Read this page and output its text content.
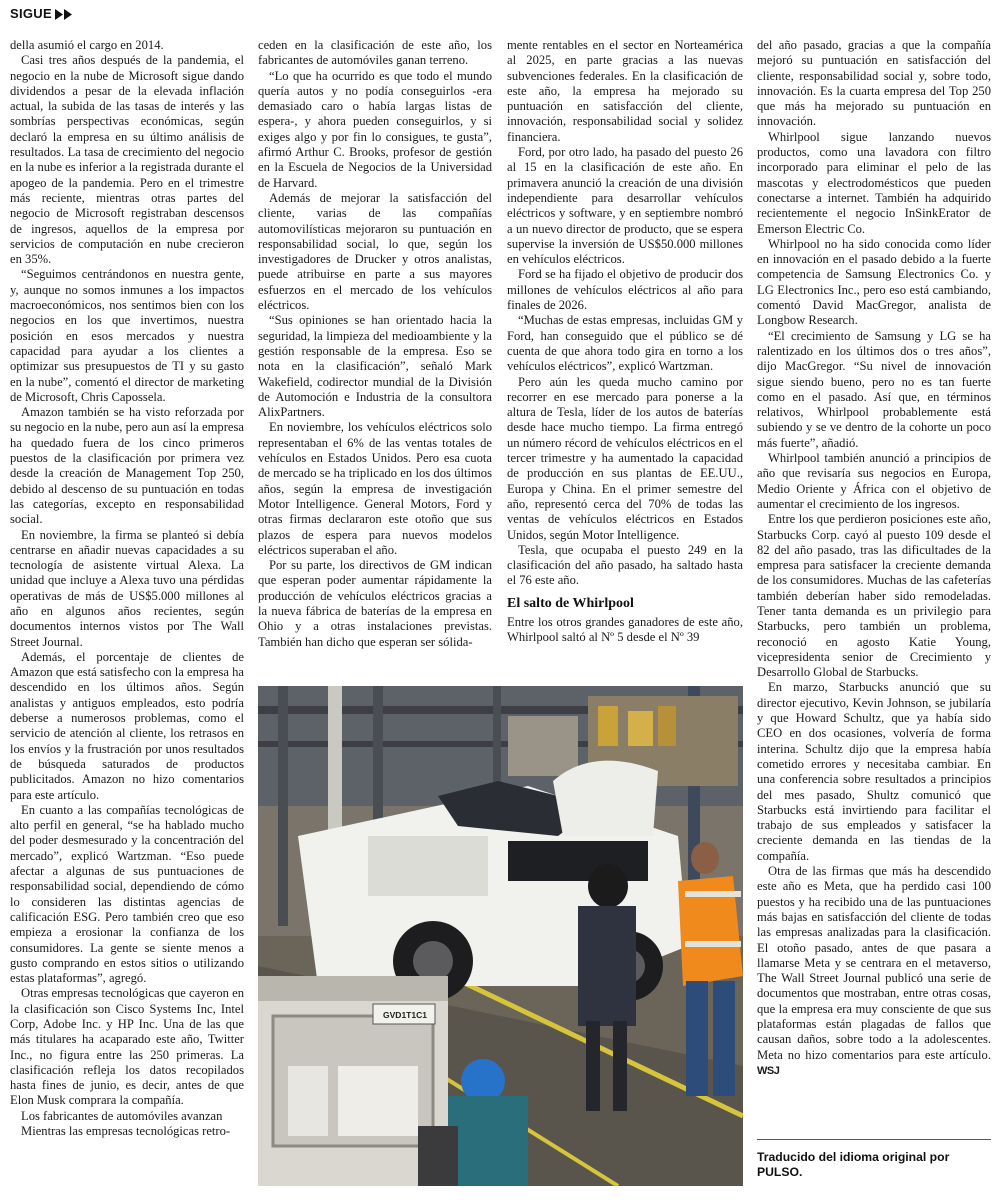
SIGUE

della asumió el cargo en 2014.

Casi tres años después de la pandemia, el negocio en la nube de Microsoft sigue dando dividendos a pesar de la elevada inflación actual, la subida de las tasas de interés y las sombrías perspectivas económicas, según declaró la empresa en su último análisis de resultados. La tasa de crecimiento del negocio en la nube es inferior a la registrada durante el apogeo de la pandemia. Pero en el trimestre más reciente, mientras otras partes del negocio de Microsoft registraban descensos de ingresos, aquellos de la empresa por servicios de computación en nube crecieron en 35%.

“Seguimos centrándonos en nuestra gente, y, aunque no somos inmunes a los impactos macroeconómicos, nos sentimos bien con los negocios en los que invertimos, nuestra posición en esos mercados y nuestra capacidad para ayudar a los clientes a optimizar sus presupuestos de TI y su gasto en la nube”, comentó el director de marketing de Microsoft, Chris Capossela.

Amazon también se ha visto reforzada por su negocio en la nube, pero aun así la empresa ha quedado fuera de los cinco primeros puestos de la clasificación por primera vez desde la creación de Management Top 250, debido al descenso de su puntuación en todas las categorías, excepto en responsabilidad social.

En noviembre, la firma se planteó si debía centrarse en añadir nuevas capacidades a su tecnología de asistente virtual Alexa. La unidad que incluye a Alexa tuvo una pérdidas operativas de más de US$5.000 millones al año en algunos años recientes, según documentos internos vistos por The Wall Street Journal.

Además, el porcentaje de clientes de Amazon que está satisfecho con la empresa ha descendido en los últimos años. Según analistas y antiguos empleados, esto podría deberse a numerosos problemas, como el servicio de atención al cliente, los retrasos en los envíos y la frustración por unos resultados de búsqueda saturados de productos publicitados. Amazon no hizo comentarios para este artículo.

En cuanto a las compañías tecnológicas de alto perfil en general, “se ha hablado mucho del poder desmesurado y la concentración del mercado”, explicó Wartzman. “Eso puede afectar a algunas de sus puntuaciones de responsabilidad social, dependiendo de cómo lo consideren las distintas agencias de calificación ESG. Pero también creo que eso empieza a erosionar la confianza de los consumidores. La gente se siente menos a gusto comprando en estos sitios o utilizando estas plataformas”, agregó.

Otras empresas tecnológicas que cayeron en la clasificación son Cisco Systems Inc, Intel Corp, Adobe Inc. y HP Inc. Una de las que más titulares ha acaparado este año, Twitter Inc., no figura entre las 250 primeras. La clasificación refleja los datos recopilados hasta fines de junio, es decir, antes de que Elon Musk comprara la compañía.

Los fabricantes de automóviles avanzan

Mientras las empresas tecnológicas retro-

ceden en la clasificación de este año, los fabricantes de automóviles ganan terreno.

“Lo que ha ocurrido es que todo el mundo quería autos y no podía conseguirlos -era demasiado caro o había largas listas de espera-, y ahora pueden conseguirlos, y si exiges algo y por fin lo consigues, te gusta”, afirmó Arthur C. Brooks, profesor de gestión en la Escuela de Negocios de la Universidad de Harvard.

Además de mejorar la satisfacción del cliente, varias de las compañías automovilísticas mejoraron su puntuación en responsabilidad social, lo que, según los investigadores de Drucker y otros analistas, puede atribuirse en parte a sus mayores esfuerzos en el mercado de los vehículos eléctricos.

“Sus opiniones se han orientado hacia la seguridad, la limpieza del medioambiente y la gestión responsable de la empresa. Eso se nota en la clasificación”, señaló Mark Wakefield, codirector mundial de la División de Automoción e Industria de la consultora AlixPartners.

En noviembre, los vehículos eléctricos solo representaban el 6% de las ventas totales de vehículos en Estados Unidos. Pero esa cuota de mercado se ha triplicado en los dos últimos años, según la empresa de investigación Motor Intelligence. General Motors, Ford y otras firmas declararon este otoño que sus plazos de espera para nuevos modelos eléctricos superaban el año.

Por su parte, los directivos de GM indican que esperan poder aumentar rápidamente la producción de vehículos eléctricos gracias a la nueva fábrica de baterías de la empresa en Ohio y a otras instalaciones previstas. También han dicho que esperan ser sólida-

mente rentables en el sector en Norteamérica al 2025, en parte gracias a las nuevas subvenciones federales. En la clasificación de este año, la empresa ha mejorado su puntuación en satisfacción del cliente, innovación, responsabilidad social y solidez financiera.

Ford, por otro lado, ha pasado del puesto 26 al 15 en la clasificación de este año. En primavera anunció la creación de una división independiente para desarrollar vehículos eléctricos y software, y en septiembre nombró a un nuevo director de producto, que se espera supervise la inversión de US$50.000 millones en vehículos eléctricos.

Ford se ha fijado el objetivo de producir dos millones de vehículos eléctricos al año para finales de 2026.

“Muchas de estas empresas, incluidas GM y Ford, han conseguido que el público se dé cuenta de que ahora todo gira en torno a los vehículos eléctricos”, explicó Wartzman.

Pero aún les queda mucho camino por recorrer en ese mercado para ponerse a la altura de Tesla, líder de los autos de baterías desde hace mucho tiempo. La firma entregó un número récord de vehículos eléctricos en el tercer trimestre y ha aumentado la capacidad de producción en sus plantas de EE.UU., Europa y China. En el primer semestre del año, representó cerca del 70% de todas las ventas de vehículos eléctricos en Estados Unidos, según Motor Intelligence.

Tesla, que ocupaba el puesto 249 en la clasificación del año pasado, ha saltado hasta el 76 este año.

El salto de Whirlpool

Entre los otros grandes ganadores de este año, Whirlpool saltó al Nº 5 desde el Nº 39

del año pasado, gracias a que la compañía mejoró su puntuación en satisfacción del cliente, responsabilidad social y, sobre todo, innovación. Es la cuarta empresa del Top 250 que más ha mejorado su puntuación en innovación.

Whirlpool sigue lanzando nuevos productos, como una lavadora con filtro incorporado para eliminar el pelo de las mascotas y electrodomésticos que pueden conectarse a internet. También ha adquirido recientemente el negocio InSinkErator de Emerson Electric Co.

Whirlpool no ha sido conocida como líder en innovación en el pasado debido a la fuerte competencia de Samsung Electronics Co. y LG Electronics Inc., pero eso está cambiando, comentó David MacGregor, analista de Longbow Research.

“El crecimiento de Samsung y LG se ha ralentizado en los últimos dos o tres años”, dijo MacGregor. “Su nivel de innovación sigue siendo bueno, pero no es tan fuerte como en el pasado. Así que, en términos relativos, Whirlpool probablemente está subiendo y se ve dentro de la cohorte un poco más fuerte”, añadió.

Whirlpool también anunció a principios de año que revisaría sus negocios en Europa, Medio Oriente y África con el objetivo de aumentar el crecimiento de los ingresos.

Entre los que perdieron posiciones este año, Starbucks Corp. cayó al puesto 109 desde el 82 del año pasado, tras las dificultades de la empresa para satisfacer la creciente demanda de los consumidores. Muchas de las cafeterías también deberían haber sido remodeladas. Tener tanta demanda es un privilegio para Starbucks, pero también un problema, reconoció en agosto Katie Young, vicepresidenta senior de Crecimiento y Desarrollo Global de Starbucks.

En marzo, Starbucks anunció que su director ejecutivo, Kevin Johnson, se jubilaría y que Howard Schultz, que ya había sido CEO en dos ocasiones, volvería de forma interina. Schultz dijo que la empresa había cometido errores y necesitaba cambiar. En una conferencia sobre resultados a principios del mes pasado, Shultz comunicó que Starbucks está invirtiendo para facilitar el trabajo de sus empleados y satisfacer la creciente demanda en las tiendas de la compañía.

Otra de las firmas que más ha descendido este año es Meta, que ha perdido casi 100 puestos y ha recibido una de las puntuaciones más bajas en satisfacción del cliente de todas las empresas analizadas para la clasificación. El otoño pasado, antes de que pasara a llamarse Meta y se centrara en el metaverso, The Wall Street Journal publicó una serie de documentos que mostraban, entre otras cosas, que la empresa era muy consciente de que sus plataformas están plagadas de fallos que causan daños, sobre todo a la adolescentes. Meta no hizo comentarios para este artículo. WSJ

Traducido del idioma original por PULSO.
GVD1T1C1
